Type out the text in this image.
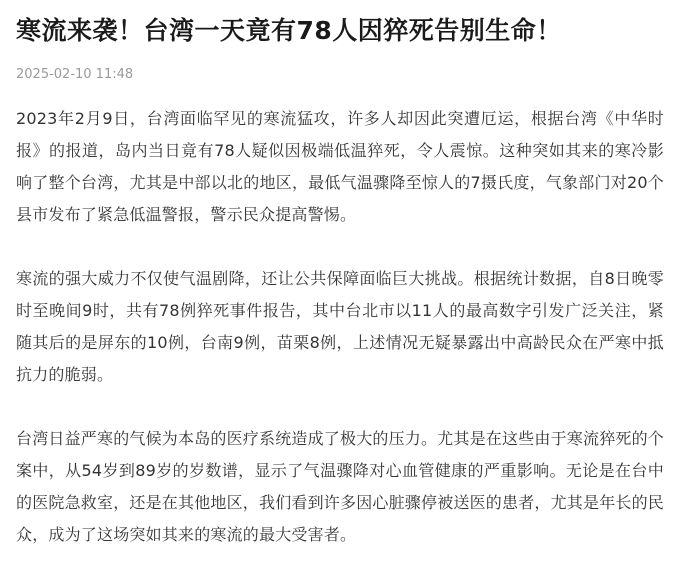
寒流来袭！台湾一天竟有78人因猝死告别生命！
2025-02-10 11:48

2023年2月9日，台湾面临罕见的寒流猛攻，许多人却因此突遭厄运，根据台湾《中华时报》的报道，岛内当日竟有78人疑似因极端低温猝死，令人震惊。这种突如其来的寒冷影响了整个台湾，尤其是中部以北的地区，最低气温骤降至惊人的7摄氏度，气象部门对20个县市发布了紧急低温警报，警示民众提高警惕。

寒流的强大威力不仅使气温剧降，还让公共保障面临巨大挑战。根据统计数据，自8日晚零时至晚间9时，共有78例猝死事件报告，其中台北市以11人的最高数字引发广泛关注，紧随其后的是屏东的10例，台南9例，苗栗8例，上述情况无疑暴露出中高龄民众在严寒中抵抗力的脆弱。

台湾日益严寒的气候为本岛的医疗系统造成了极大的压力。尤其是在这些由于寒流猝死的个案中，从54岁到89岁的岁数谱，显示了气温骤降对心血管健康的严重影响。无论是在台中的医院急救室，还是在其他地区，我们看到许多因心脏骤停被送医的患者，尤其是年长的民众，成为了这场突如其来的寒流的最大受害者。
